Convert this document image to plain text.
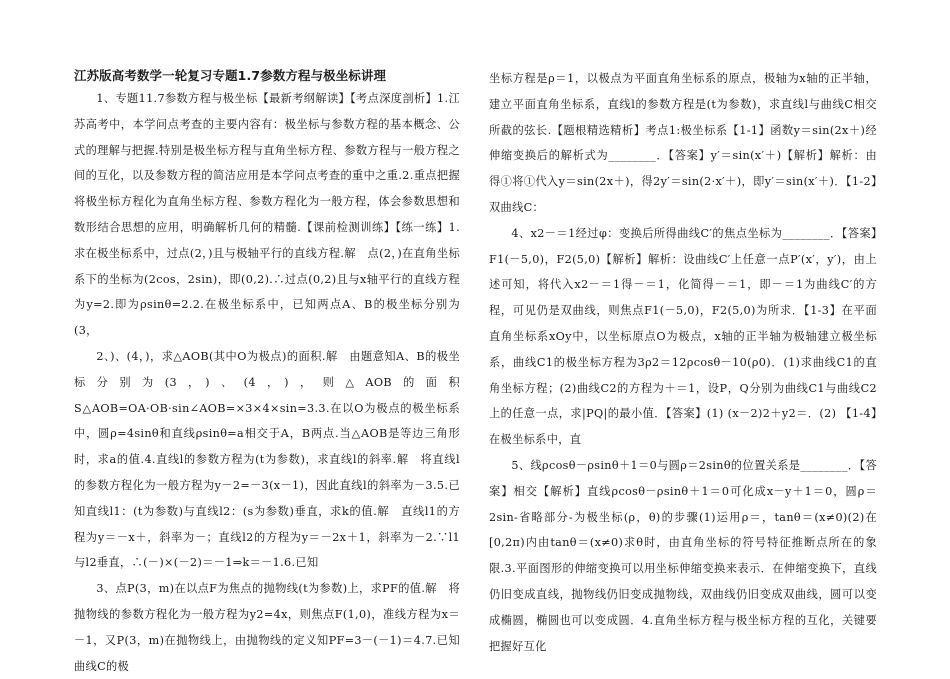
江苏版高考数学一轮复习专题1.7参数方程与极坐标讲理

1、专题11.7参数方程与极坐标【最新考纲解读】【考点深度剖析】1.江苏高考中，本学问点考查的主要内容有：极坐标与参数方程的基本概念、公式的理解与把握.特别是极坐标方程与直角坐标方程、参数方程与一般方程之间的互化，以及参数方程的简洁应用是本学问点考查的重中之重.2.重点把握将极坐标方程化为直角坐标方程、参数方程化为一般方程，体会参数思想和数形结合思想的应用，明确解析几何的精髓.【课前检测训练】【练一练】1.求在极坐标系中，过点(2，)且与极轴平行的直线方程.解　点(2，)在直角坐标系下的坐标为(2cos，2sin)，即(0,2).∴过点(0,2)且与x轴平行的直线方程为y=2.即为ρsinθ=2.2.在极坐标系中，已知两点A、B的极坐标分别为(3，

2、)、(4，)，求△AOB(其中O为极点)的面积.解　由题意知A、B的极坐标分别为(3，)、(4，)，则△AOB的面积S△AOB=OA·OB·sin∠AOB=×3×4×sin=3.3.在以O为极点的极坐标系中，圆ρ=4sinθ和直线ρsinθ=a相交于A，B两点.当△AOB是等边三角形时，求a的值.4.直线l的参数方程为(t为参数)，求直线l的斜率.解　将直线l的参数方程化为一般方程为y－2=－3(x－1)，因此直线l的斜率为－3.5.已知直线l1：(t为参数)与直线l2：(s为参数)垂直，求k的值.解　直线l1的方程为y＝－x＋，斜率为－；直线l2的方程为y＝－2x＋1，斜率为－2.∵l1与l2垂直，∴(－)×(－2)＝－1⇒k＝－1.6.已知

3、点P(3，m)在以点F为焦点的抛物线(t为参数)上，求PF的值.解　将抛物线的参数方程化为一般方程为y2=4x，则焦点F(1,0)，准线方程为x＝－1，又P(3，m)在抛物线上，由抛物线的定义知PF=3－(－1)＝4.7.已知曲线C的极

坐标方程是ρ＝1，以极点为平面直角坐标系的原点，极轴为x轴的正半轴，建立平面直角坐标系，直线l的参数方程是(t为参数)，求直线l与曲线C相交所截的弦长.【题根精选精析】考点1:极坐标系【1-1】函数y＝sin(2x＋)经伸缩变换后的解析式为________．【答案】y′＝sin(x′＋)【解析】解析：由得①将①代入y＝sin(2x＋)，得2y′＝sin(2·x′＋)，即y′＝sin(x′＋)．【1-2】双曲线C：

4、x2－＝1经过φ：变换后所得曲线C′的焦点坐标为________．【答案】F1(－5,0)，F2(5,0)【解析】解析：设曲线C′上任意一点P′(x′，y′)，由上述可知，将代入x2－＝1得－＝1，化简得－＝1，即－＝1为曲线C′的方程，可见仍是双曲线，则焦点F1(－5,0)，F2(5,0)为所求．【1-3】在平面直角坐标系xOy中，以坐标原点O为极点，x轴的正半轴为极轴建立极坐标系，曲线C1的极坐标方程为3ρ2＝12ρcosθ－10(ρ0)．(1)求曲线C1的直角坐标方程；(2)曲线C2的方程为＋＝1，设P，Q分别为曲线C1与曲线C2上的任意一点，求|PQ|的最小值．【答案】(1) (x－2)2＋y2＝．(2) 【1-4】在极坐标系中，直

5、线ρcosθ－ρsinθ＋1＝0与圆ρ＝2sinθ的位置关系是________．【答案】相交【解析】直线ρcosθ－ρsinθ＋1＝0可化成x－y＋1＝0，圆ρ＝2sin-省略部分-为极坐标(ρ，θ)的步骤(1)运用ρ＝，tanθ＝(x≠0)(2)在[0,2π)内由tanθ＝(x≠0)求θ时，由直角坐标的符号特征推断点所在的象限.3.平面图形的伸缩变换可以用坐标伸缩变换来表示．在伸缩变换下，直线仍旧变成直线，抛物线仍旧变成抛物线，双曲线仍旧变成双曲线，圆可以变成椭圆，椭圆也可以变成圆．4.直角坐标方程与极坐标方程的互化，关键要把握好互化
